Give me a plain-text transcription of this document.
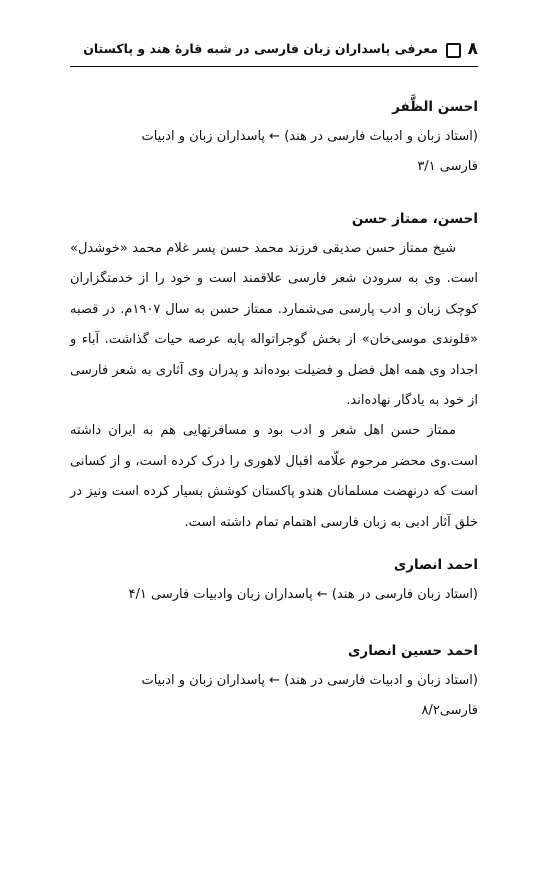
۸
معرفی پاسداران زبان فارسی در شبه قارهٔ هند و پاکستان

احسن الظَّفر

(استاد زبان و ادبیات فارسی در هند) ← پاسداران زبان و ادبیات

فارسی ۳/۱

احسن، ممتاز حسن

شیخ ممتاز حسن صدیقی فرزند محمد حسن پسر غلام محمد «خوشدل» است. وی به سرودن شعر فارسی علاقمند است و خود را از خدمتگزاران کوچک زبان و ادب پارسی می‌شمارد. ممتاز حسن به سال ۱۹۰۷م. در قصبه «قلوندی موسی‌خان» از بخش گوجراتواله پابه عرصه حیات گذاشت. آباء و اجداد وی همه اهل فضل و فضیلت بوده‌اند و پدران وی آثاری به شعر فارسی از خود به یادگار نهاده‌اند.

ممتاز حسن اهل شعر و ادب بود و مسافرتهایی هم به ایران داشته است.وی محضر مرحوم علّامه اقبال لاهوری را درک کرده است، و از کسانی است که درنهضت مسلمانان هندو پاکستان کوشش بسیار کرده است ونیز در خلق آثار ادبی به زبان فارسی اهتمام تمام داشته است.

احمد انصاری

(استاد زبان فارسی در هند) ← پاسداران زبان وادبیات فارسی ۴/۱

احمد حسین انصاری

(استاد زبان و ادبیات فارسی در هند) ← پاسداران زبان و ادبیات

فارسی۸/۲
